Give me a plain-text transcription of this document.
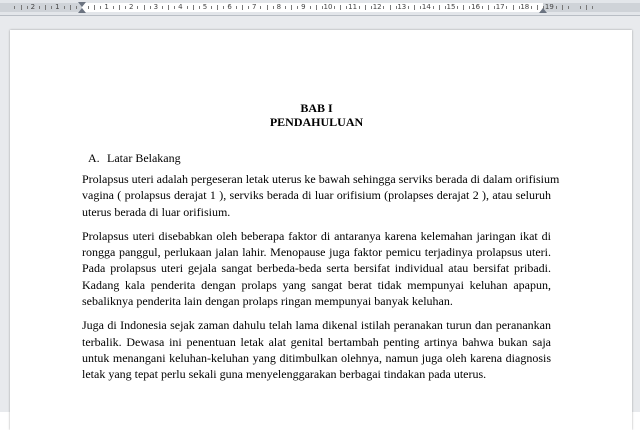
2	1	1	2	3	4	5	6	7	8	9	10 11 12 13 14 15 16 17 18 19

BAB I

PENDAHULUAN

A. Latar Belakang

Prolapsus uteri adalah pergeseran letak uterus ke bawah sehingga serviks berada di dalam orifisium
vagina ( prolapsus derajat 1 ), serviks berada di luar orifisium (prolapses derajat 2 ), atau seluruh
uterus berada di luar orifisium.

Prolapsus uteri disebabkan oleh beberapa faktor di antaranya karena kelemahan jaringan ikat di
rongga panggul, perlukaan jalan lahir. Menopause juga faktor pemicu terjadinya prolapsus uteri.
Pada prolapsus uteri gejala sangat berbeda-beda serta bersifat individual atau bersifat pribadi.
Kadang kala penderita dengan prolaps yang sangat berat tidak mempunyai keluhan apapun,
sebaliknya penderita lain dengan prolaps ringan mempunyai banyak keluhan.

Juga di Indonesia sejak zaman dahulu telah lama dikenal istilah peranakan turun dan peranankan
terbalik. Dewasa ini penentuan letak alat genital bertambah penting artinya bahwa bukan saja
untuk menangani keluhan-keluhan yang ditimbulkan olehnya, namun juga oleh karena diagnosis
letak yang tepat perlu sekali guna menyelenggarakan berbagai tindakan pada uterus.
